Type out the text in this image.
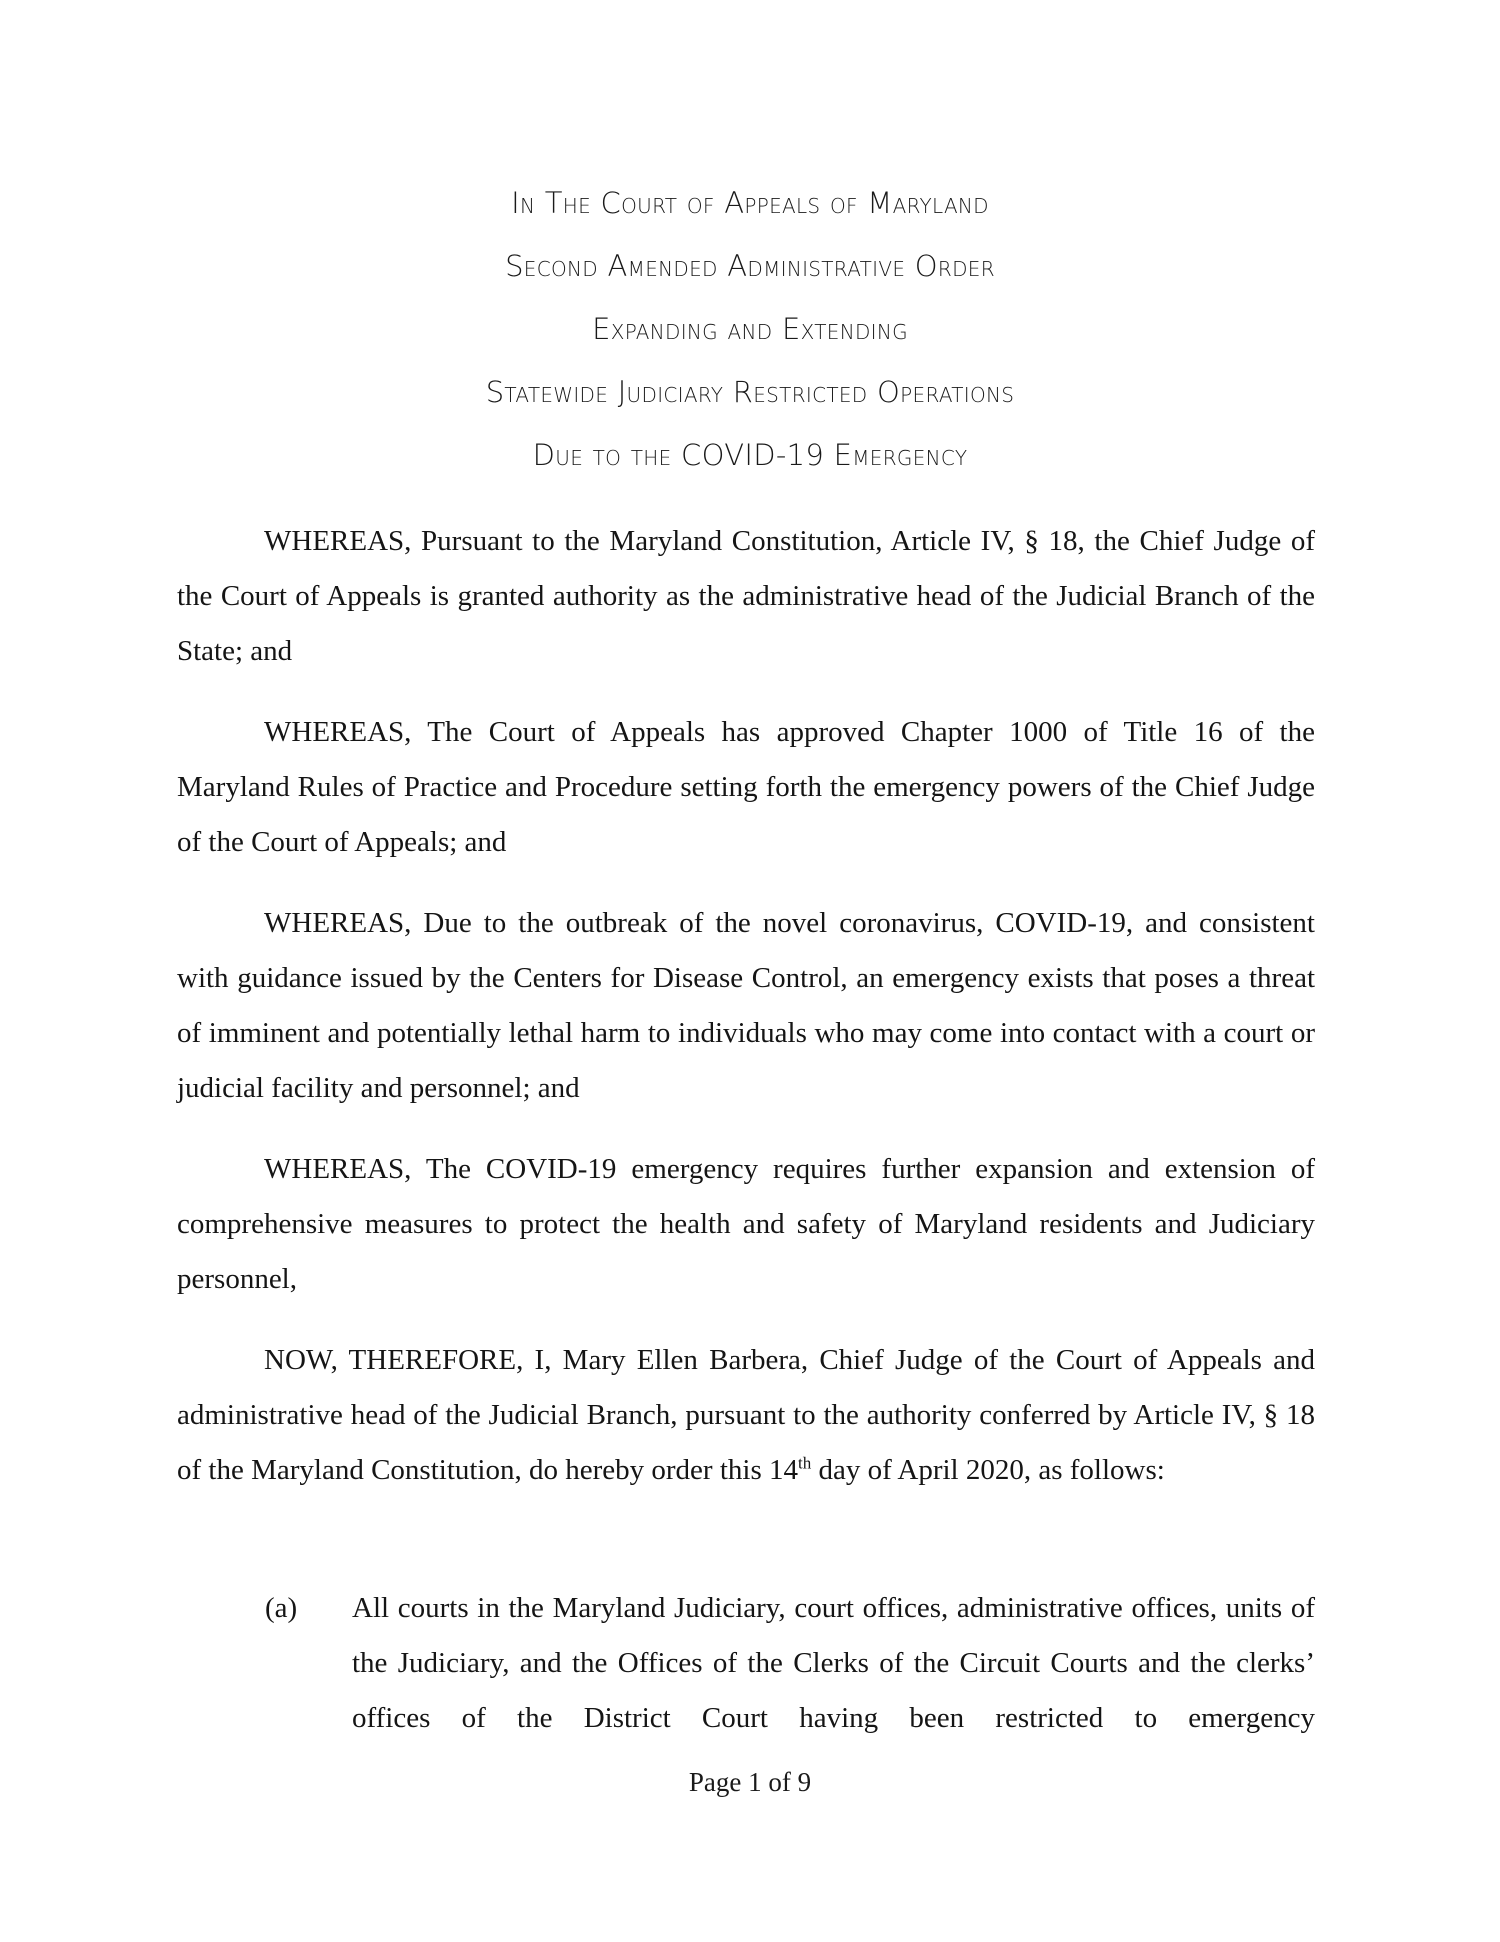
In The Court of Appeals of Maryland
Second Amended Administrative Order
Expanding and Extending
Statewide Judiciary Restricted Operations
Due to the COVID-19 Emergency

WHEREAS, Pursuant to the Maryland Constitution, Article IV, § 18, the Chief Judge of the Court of Appeals is granted authority as the administrative head of the Judicial Branch of the State; and

WHEREAS, The Court of Appeals has approved Chapter 1000 of Title 16 of the Maryland Rules of Practice and Procedure setting forth the emergency powers of the Chief Judge of the Court of Appeals; and

WHEREAS, Due to the outbreak of the novel coronavirus, COVID-19, and consistent with guidance issued by the Centers for Disease Control, an emergency exists that poses a threat of imminent and potentially lethal harm to individuals who may come into contact with a court or judicial facility and personnel; and

WHEREAS, The COVID-19 emergency requires further expansion and extension of comprehensive measures to protect the health and safety of Maryland residents and Judiciary personnel,

NOW, THEREFORE, I, Mary Ellen Barbera, Chief Judge of the Court of Appeals and administrative head of the Judicial Branch, pursuant to the authority conferred by Article IV, § 18 of the Maryland Constitution, do hereby order this 14th day of April 2020, as follows:

(a)	All courts in the Maryland Judiciary, court offices, administrative offices, units of the Judiciary, and the Offices of the Clerks of the Circuit Courts and the clerks’ offices of the District Court having been restricted to emergency
Page 1 of 9
